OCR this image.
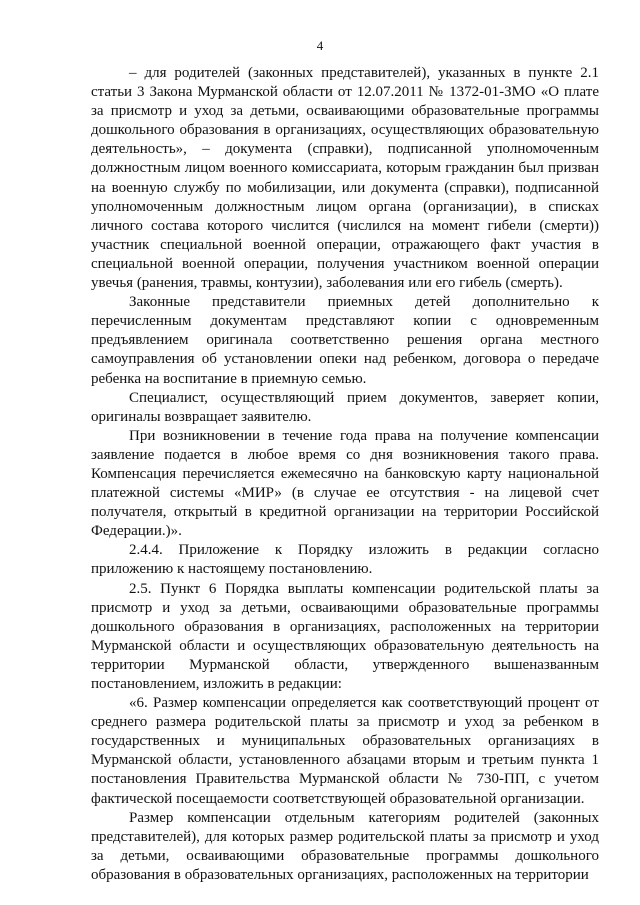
4

– для родителей (законных представителей), указанных в пункте 2.1 статьи 3 Закона Мурманской области от 12.07.2011 № 1372-01-ЗМО «О плате за присмотр и уход за детьми, осваивающими образовательные программы дошкольного образования в организациях, осуществляющих образовательную деятельность», – документа (справки), подписанной уполномоченным должностным лицом военного комиссариата, которым гражданин был призван на военную службу по мобилизации, или документа (справки), подписанной уполномоченным должностным лицом органа (организации), в списках личного состава которого числится (числился на момент гибели (смерти)) участник специальной военной операции, отражающего факт участия в специальной военной операции, получения участником военной операции увечья (ранения, травмы, контузии), заболевания или его гибель (смерть).

Законные представители приемных детей дополнительно к перечисленным документам представляют копии с одновременным предъявлением оригинала соответственно решения органа местного самоуправления об установлении опеки над ребенком, договора о передаче ребенка на воспитание в приемную семью.

Специалист, осуществляющий прием документов, заверяет копии, оригиналы возвращает заявителю.

При возникновении в течение года права на получение компенсации заявление подается в любое время со дня возникновения такого права. Компенсация перечисляется ежемесячно на банковскую карту национальной платежной системы «МИР» (в случае ее отсутствия - на лицевой счет получателя, открытый в кредитной организации на территории Российской Федерации.)».

2.4.4. Приложение к Порядку изложить в редакции согласно приложению к настоящему постановлению.

2.5. Пункт 6 Порядка выплаты компенсации родительской платы за присмотр и уход за детьми, осваивающими образовательные программы дошкольного образования в организациях, расположенных на территории Мурманской области и осуществляющих образовательную деятельность на территории Мурманской области, утвержденного вышеназванным постановлением, изложить в редакции:

«6. Размер компенсации определяется как соответствующий процент от среднего размера родительской платы за присмотр и уход за ребенком в государственных и муниципальных образовательных организациях в Мурманской области, установленного абзацами вторым и третьим пункта 1 постановления Правительства Мурманской области № 730-ПП, с учетом фактической посещаемости соответствующей образовательной организации.

Размер компенсации отдельным категориям родителей (законных представителей), для которых размер родительской платы за присмотр и уход за детьми, осваивающими образовательные программы дошкольного образования в образовательных организациях, расположенных на территории
